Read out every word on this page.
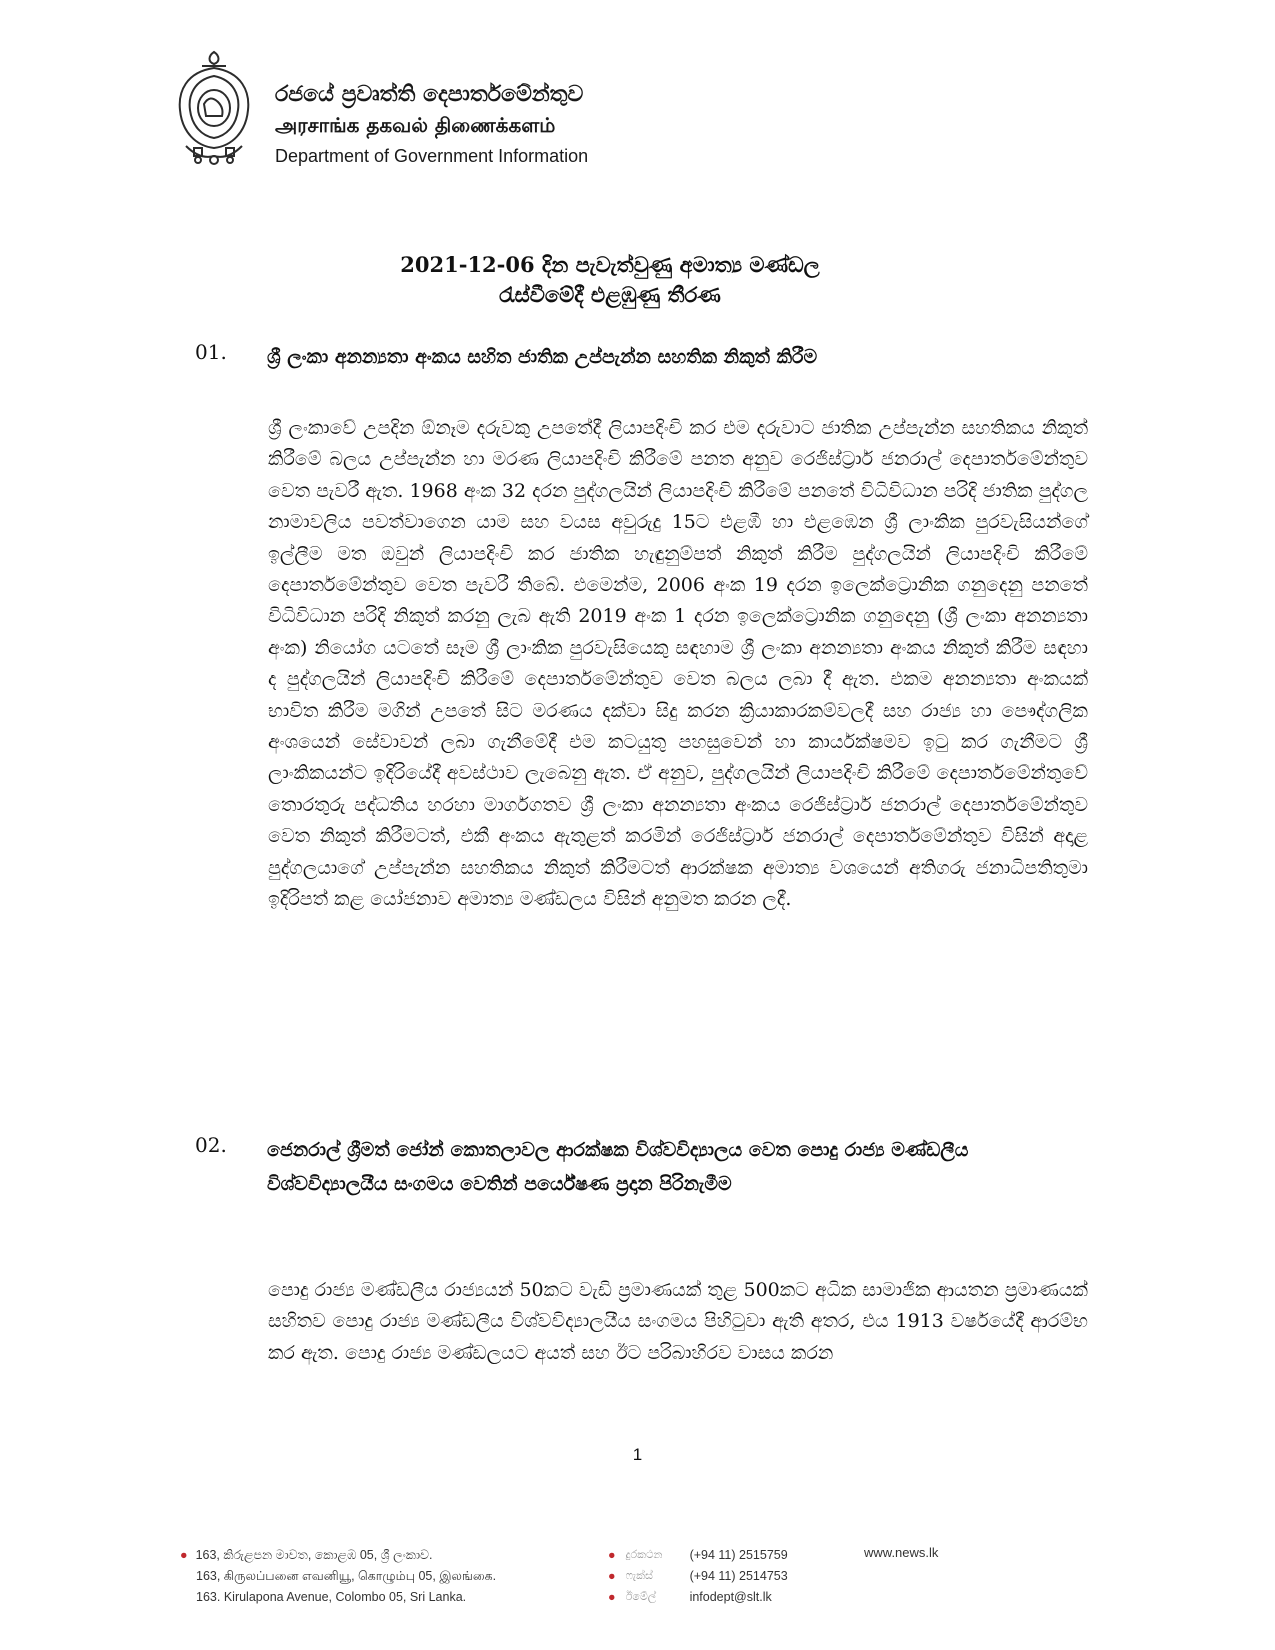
රජයේ ප්‍රවෘත්ති දෙපාර්තමේන්තුව
அரசாங்க தகவல் திணைக்களம்
Department of Government Information
2021-12-06 දින පැවැත්වුණු අමාත්‍ය මණ්ඩල
රැස්වීමේදී එළඹුණු තීරණ
01.	ශ්‍රී ලංකා අනන්‍යතා අංකය සහිත ජාතික උප්පැන්න සහතික නිකුත් කිරීම
ශ්‍රී ලංකාවේ උපදින ඕනෑම දරුවකු උපතේදී ලියාපදිංචි කර එම දරුවාට ජාතික උප්පැන්න සහතිකය නිකුත් කිරීමේ බලය උප්පැන්න හා මරණ ලියාපදිංචි කිරීමේ පනත අනුව රෙජිස්ට්‍රාර් ජනරාල් දෙපාර්තමේන්තුව වෙත පැවරී ඇත. 1968 අංක 32 දරන පුද්ගලයින් ලියාපදිංචි කිරීමේ පනතේ විධිවිධාන පරිදි ජාතික පුද්ගල නාමාවලිය පවත්වාගෙන යාම සහ වයස අවුරුදු 15ට එළඹී හා එළඹෙන ශ්‍රී ලාංකික පුරවැසියන්ගේ ඉල්ලීම මත ඔවුන් ලියාපදිංචි කර ජාතික හැඳුනුම්පත් නිකුත් කිරීම පුද්ගලයින් ලියාපදිංචි කිරීමේ දෙපාර්තමේන්තුව වෙත පැවරී තිබේ. එමෙන්ම, 2006 අංක 19 දරන ඉලෙක්ට්‍රොනික ගනුදෙනු පනතේ විධිවිධාන පරිදි නිකුත් කරනු ලැබ ඇති 2019 අංක 1 දරන ඉලෙක්ට්‍රොනික ගනුදෙනු (ශ්‍රී ලංකා අනන්‍යතා අංක) නියෝග යටතේ සෑම ශ්‍රී ලාංකික පුරවැසියෙකු සඳහාම ශ්‍රී ලංකා අනන්‍යතා අංකය නිකුත් කිරීම සඳහා ද පුද්ගලයින් ලියාපදිංචි කිරීමේ දෙපාර්තමේන්තුව වෙත බලය ලබා දී ඇත. එකම අනන්‍යතා අංකයක් භාවිත කිරීම මගින් උපතේ සිට මරණය දක්වා සිදු කරන ක්‍රියාකාරකම්වලදී සහ රාජ්‍ය හා පෞද්ගලික අංශයෙන් සේවාවන් ලබා ගැනීමේදී එම කටයුතු පහසුවෙන් හා කාර්යක්ෂමව ඉටු කර ගැනීමට ශ්‍රී ලාංකිකයන්ට ඉදිරියේදී අවස්ථාව ලැබෙනු ඇත. ඒ අනුව, පුද්ගලයින් ලියාපදිංචි කිරීමේ දෙපාර්තමේන්තුවේ තොරතුරු පද්ධතිය හරහා මාර්ගගතව ශ්‍රී ලංකා අනන්‍යතා අංකය රෙජිස්ට්‍රාර් ජනරාල් දෙපාර්තමේන්තුව වෙත නිකුත් කිරීමටත්, එකී අංකය ඇතුළත් කරමින් රෙජිස්ට්‍රාර් ජනරාල් දෙපාර්තමේන්තුව විසින් අදාළ පුද්ගලයාගේ උප්පැන්න සහතිකය නිකුත් කිරීමටත් ආරක්ෂක අමාත්‍ය වශයෙන් අතිගරු ජනාධිපතිතුමා ඉදිරිපත් කළ යෝජනාව අමාත්‍ය මණ්ඩලය විසින් අනුමත කරන ලදී.
02.	ජෙනරාල් ශ්‍රීමත් ජෝන් කොතලාවල ආරක්ෂක විශ්වවිද්‍යාලය වෙත පොදු රාජ්‍ය මණ්ඩලීය විශ්වවිද්‍යාලයීය සංගමය වෙතින් පර්යේෂණ ප්‍රදාන පිරිනැමීම
පොදු රාජ්‍ය මණ්ඩලීය රාජ්‍යයන් 50කට වැඩි ප්‍රමාණයක් තුළ 500කට අධික සාමාජික ආයතන ප්‍රමාණයක් සහිතව පොදු රාජ්‍ය මණ්ඩලීය විශ්වවිද්‍යාලයීය සංගමය පිහිටුවා ඇති අතර, එය 1913 වර්ෂයේදී ආරම්භ කර ඇත. පොදු රාජ්‍ය මණ්ඩලයට අයත් සහ ඊට පරිබාහිරව වාසය කරන
1
● 163, කිරුළපන මාවත, කොළඹ 05, ශ්‍රී ලංකාව.
163, கிருலப்பனை எவனியூ, கொழும்பு 05, இலங்கை.
163. Kirulapona Avenue, Colombo 05, Sri Lanka.
● දුරකථන	(+94 11) 2515759
● ෆැක්ස්	(+94 11) 2514753
● ඊමේල්	infodept@slt.lk
www.news.lk
